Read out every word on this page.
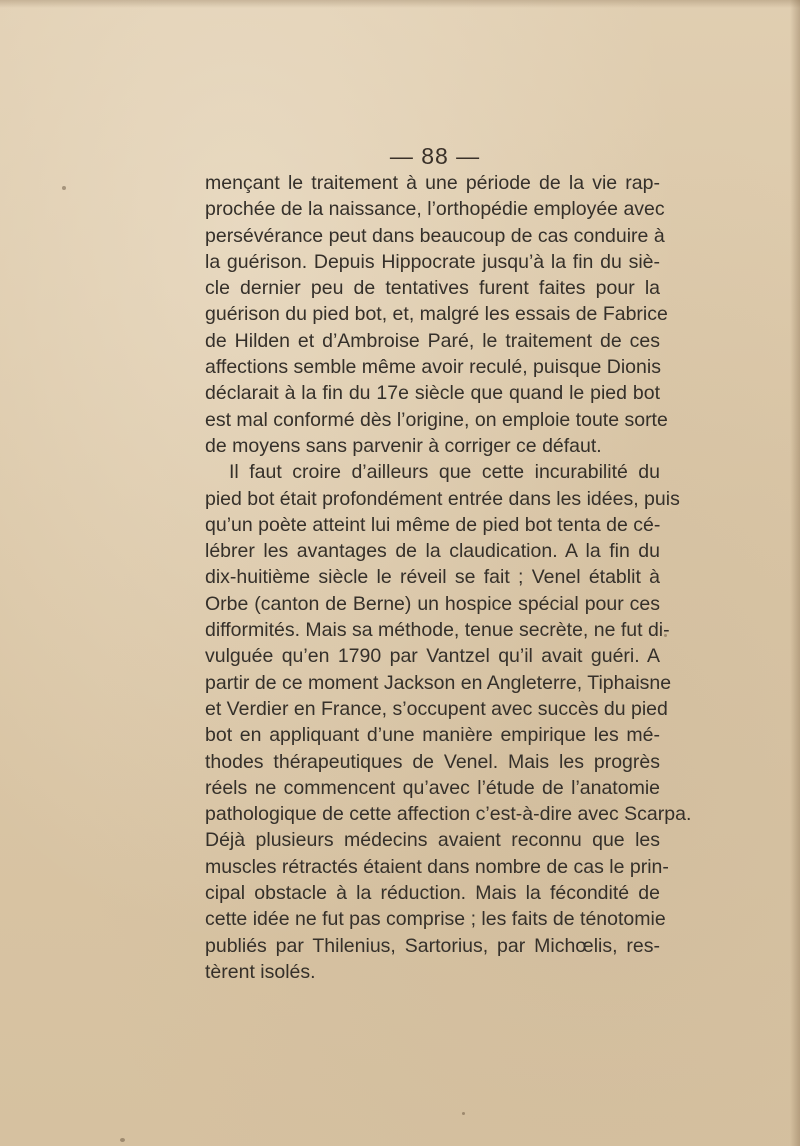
— 88 —
mençant le traitement à une période de la vie rap-
prochée de la naissance, l’orthopédie employée avec
persévérance peut dans beaucoup de cas conduire à
la guérison. Depuis Hippocrate jusqu’à la fin du siè-
cle dernier peu de tentatives furent faites pour la
guérison du pied bot, et, malgré les essais de Fabrice
de Hilden et d’Ambroise Paré, le traitement de ces
affections semble même avoir reculé, puisque Dionis
déclarait à la fin du 17e siècle que quand le pied bot
est mal conformé dès l’origine, on emploie toute sorte
de moyens sans parvenir à corriger ce défaut.
Il faut croire d’ailleurs que cette incurabilité du
pied bot était profondément entrée dans les idées, puis
qu’un poète atteint lui même de pied bot tenta de cé-
lébrer les avantages de la claudication. A la fin du
dix-huitième siècle le réveil se fait ; Venel établit à
Orbe (canton de Berne) un hospice spécial pour ces
difformités. Mais sa méthode, tenue secrète, ne fut di-
vulguée qu’en 1790 par Vantzel qu’il avait guéri. A
partir de ce moment Jackson en Angleterre, Tiphaisne
et Verdier en France, s’occupent avec succès du pied
bot en appliquant d’une manière empirique les mé-
thodes thérapeutiques de Venel. Mais les progrès
réels ne commencent qu’avec l’étude de l’anatomie
pathologique de cette affection c’est-à-dire avec Scarpa.
Déjà plusieurs médecins avaient reconnu que les
muscles rétractés étaient dans nombre de cas le prin-
cipal obstacle à la réduction. Mais la fécondité de
cette idée ne fut pas comprise ; les faits de ténotomie
publiés par Thilenius, Sartorius, par Michœlis, res-
tèrent isolés.
